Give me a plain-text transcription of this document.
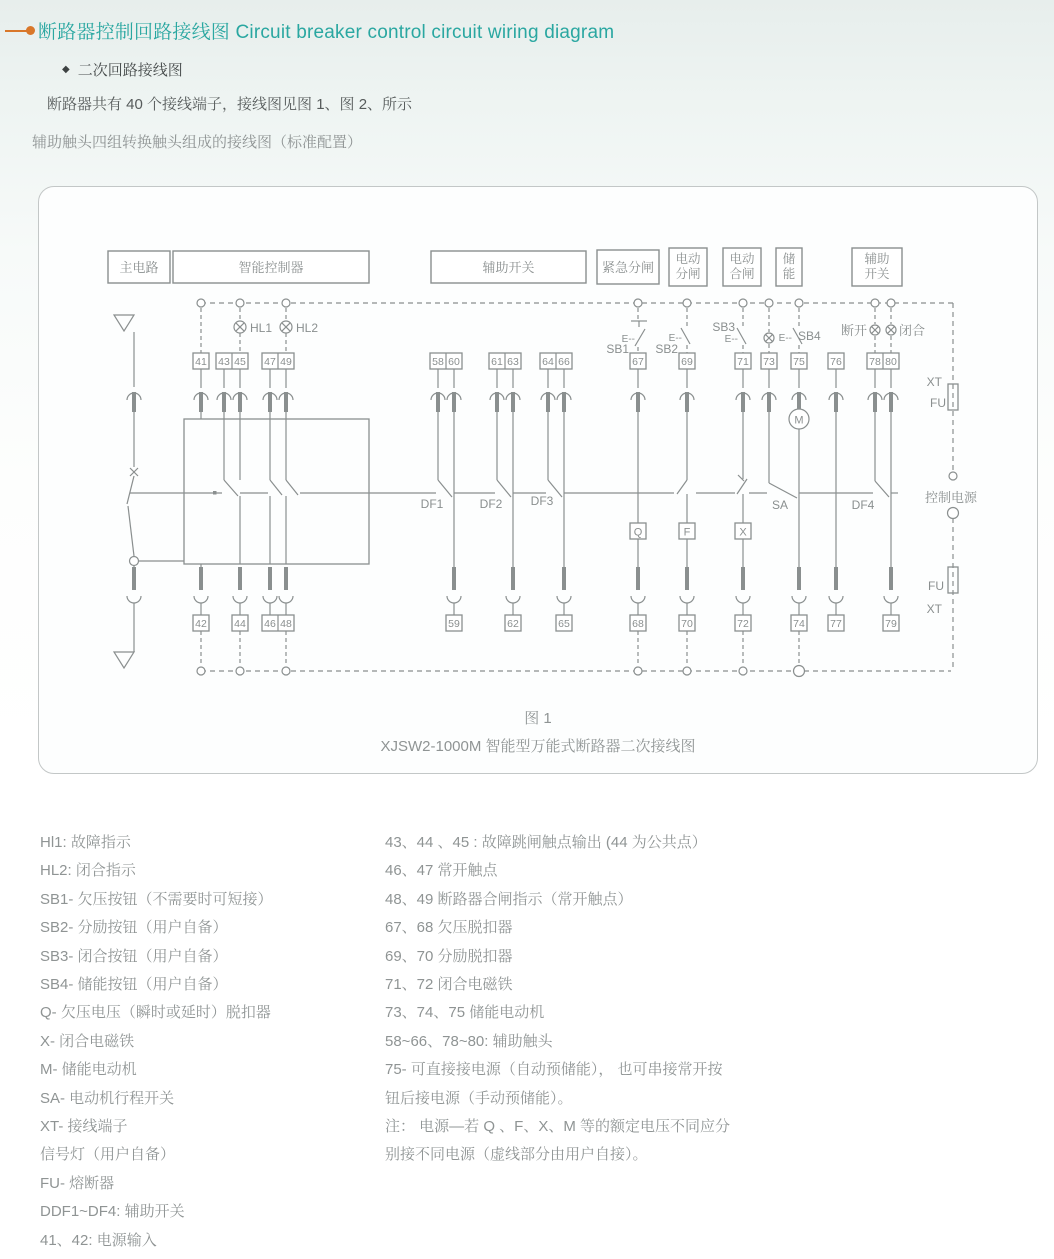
断路器控制回路接线图 Circuit breaker control circuit wiring diagram
◆ 二次回路接线图
断路器共有 40 个接线端子，接线图见图 1、图 2、所示
辅助触头四组转换触头组成的接线图（标准配置）
主电路	智能控制器	辅助开关	紧急分闸
电动
分闸
电动
合闸
储
能
辅助
开关
HL1 HL2	断开 闭合
SB1
E--
SB2
E--
SB3
E--	SB4
E--
41 43 45 47 49	58 60	61 63 64 66	67	69	71 73 75 76	78 80
42	44 46 48	59	62	65	68	70	72	74 77	79
DF1	DF2 DF3	SA	DF4
Q	F	X
M
XT
FU
控制电源
FU
XT
图 1
XJSW2-1000M 智能型万能式断路器二次接线图
Hl1: 故障指示
HL2: 闭合指示
SB1- 欠压按钮（不需要时可短接）
SB2- 分励按钮（用户自备）
SB3- 闭合按钮（用户自备）
SB4- 储能按钮（用户自备）
Q- 欠压电压（瞬时或延时）脱扣器
X- 闭合电磁铁
M- 储能电动机
SA- 电动机行程开关
XT- 接线端子
信号灯（用户自备）
FU- 熔断器
DDF1~DF4: 辅助开关
41、42: 电源输入
43、44 、45 : 故障跳闸触点输出 (44 为公共点）
46、47 常开触点
48、49 断路器合闸指示（常开触点）
67、68 欠压脱扣器
69、70 分励脱扣器
71、72 闭合电磁铁
73、74、75 储能电动机
58~66、78~80: 辅助触头
75- 可直接接电源（自动预储能）， 也可串接常开按
钮后接电源（手动预储能）。
注： 电源—若 Q 、F、X、M 等的额定电压不同应分
别接不同电源（虚线部分由用户自接）。
